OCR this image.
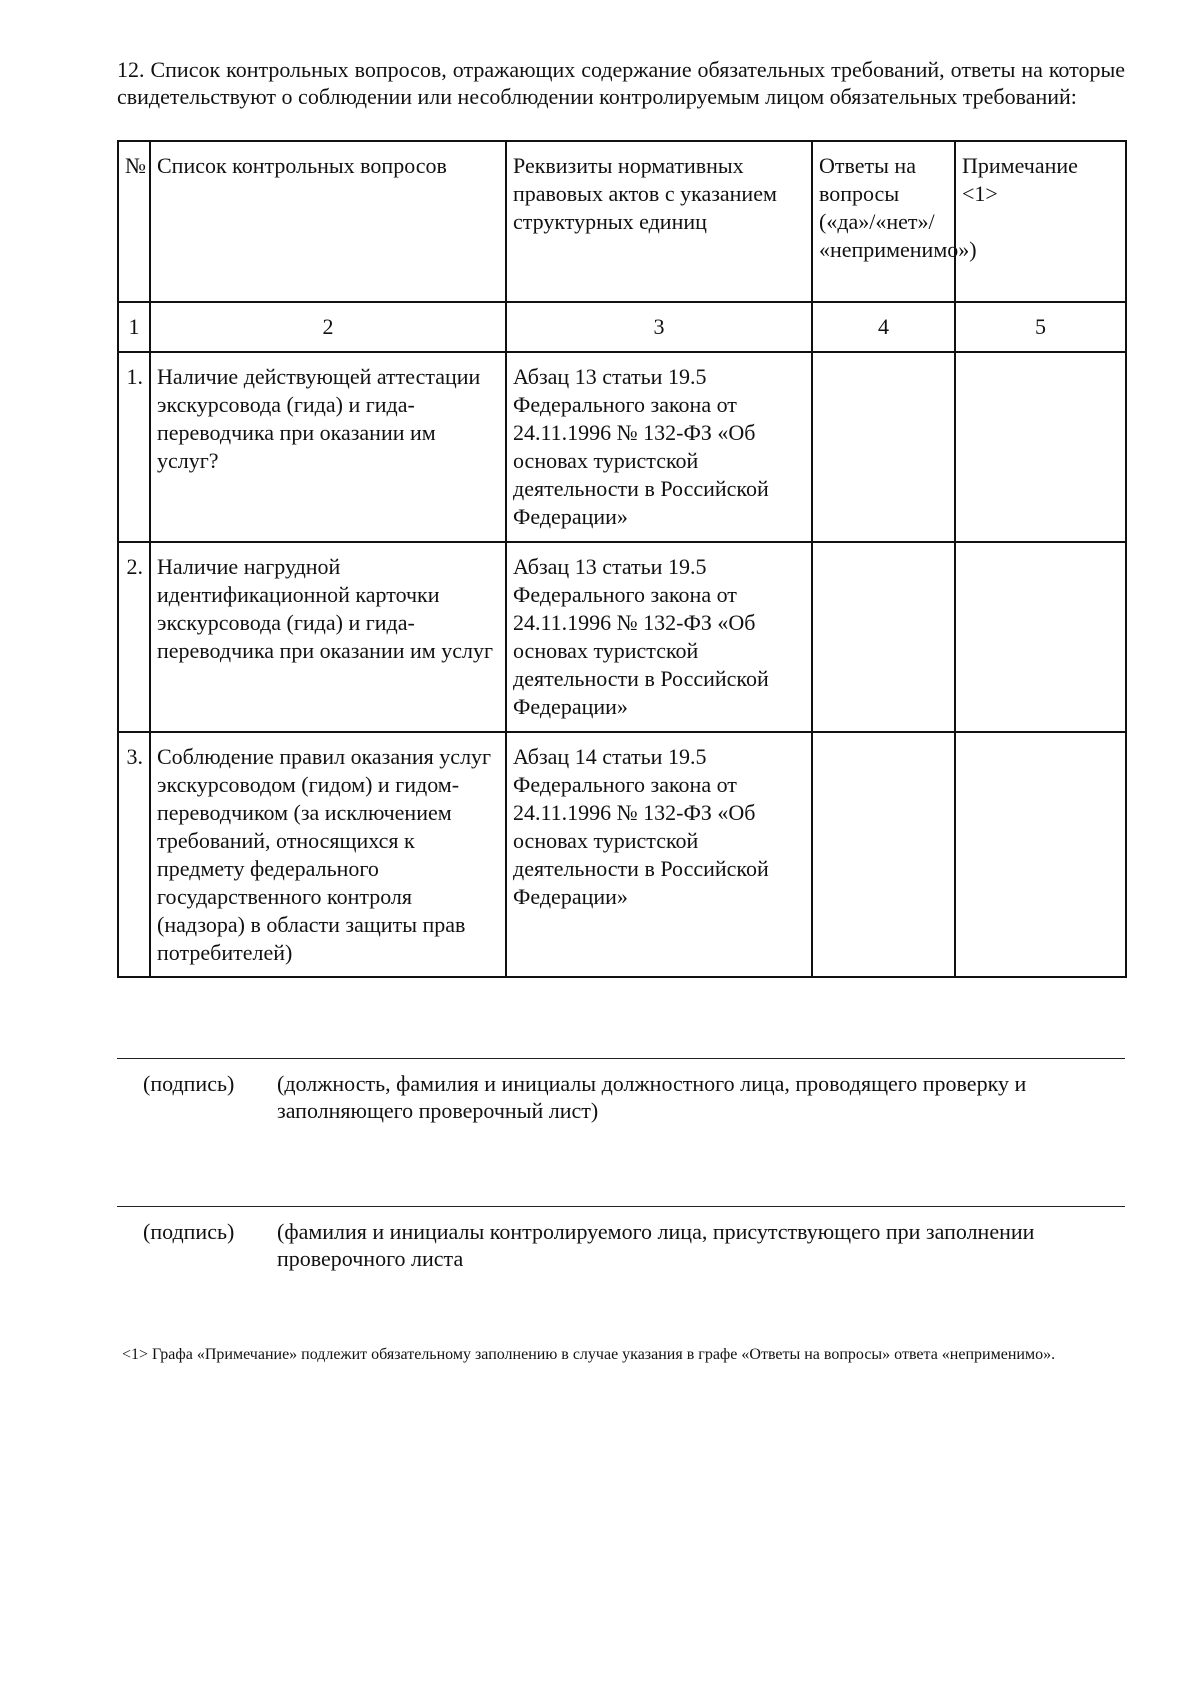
12. Список контрольных вопросов, отражающих содержание обязательных требований, ответы на которые свидетельствуют о соблюдении или несоблюдении контролируемым лицом обязательных требований:
№	Список контрольных вопросов	Реквизиты нормативных правовых актов с указанием структурных единиц	Ответы на вопросы («да»/«нет»/ «неприменимо»)	Примечание <1>
1	2	3	4	5
1.	Наличие действующей аттестации экскурсовода (гида) и гида-переводчика при оказании им услуг?	Абзац 13 статьи 19.5 Федерального закона от 24.11.1996 № 132-ФЗ «Об основах туристской деятельности в Российской Федерации»		
2.	Наличие нагрудной идентификационной карточки экскурсовода (гида) и гида-переводчика при оказании им услуг	Абзац 13 статьи 19.5 Федерального закона от 24.11.1996 № 132-ФЗ «Об основах туристской деятельности в Российской Федерации»		
3.	Соблюдение правил оказания услуг экскурсоводом (гидом) и гидом-переводчиком (за исключением требований, относящихся к предмету федерального государственного контроля (надзора) в области защиты прав потребителей)	Абзац 14 статьи 19.5 Федерального закона от 24.11.1996 № 132-ФЗ «Об основах туристской деятельности в Российской Федерации»		
(подпись) (должность, фамилия и инициалы должностного лица, проводящего проверку и заполняющего проверочный лист)
(подпись) (фамилия и инициалы контролируемого лица, присутствующего при заполнении проверочного листа
<1> Графа «Примечание» подлежит обязательному заполнению в случае указания в графе «Ответы на вопросы» ответа «неприменимо».
